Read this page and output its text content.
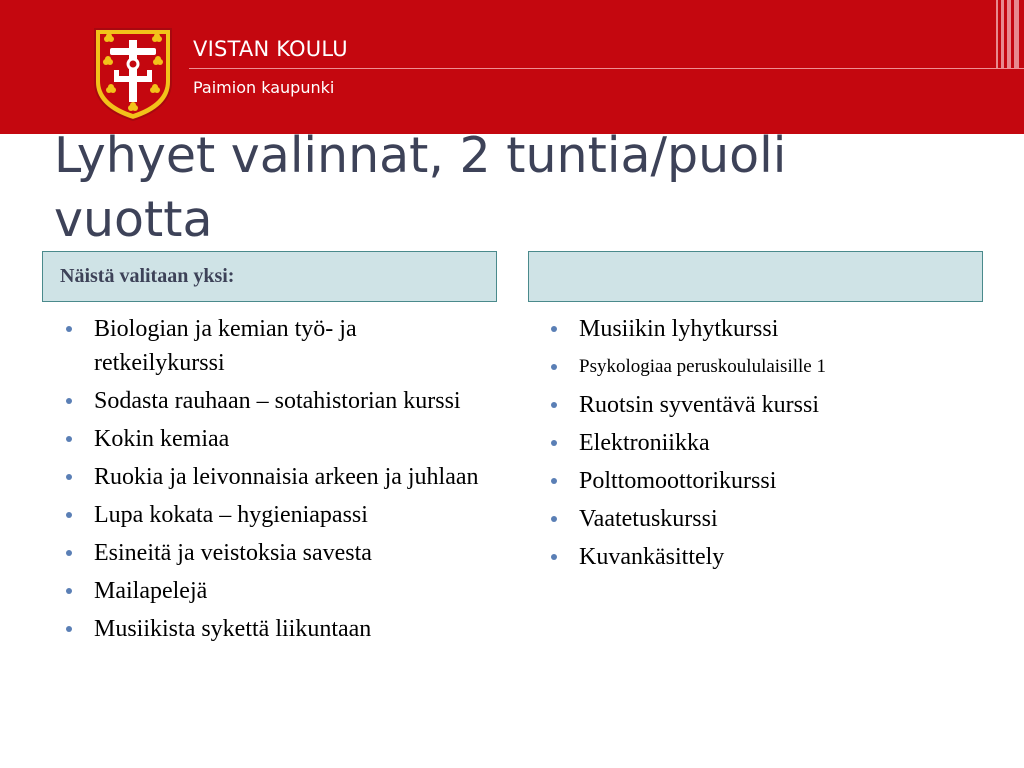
VISTAN KOULU
Paimion kaupunki
Lyhyet valinnat, 2 tuntia/puoli vuotta
Näistä valitaan yksi:
Biologian ja kemian työ- ja retkeilykurssi
Sodasta rauhaan – sotahistorian kurssi
Kokin kemiaa
Ruokia ja leivonnaisia arkeen ja juhlaan
Lupa kokata – hygieniapassi
Esineitä ja veistoksia savesta
Mailapelejä
Musiikista sykettä liikuntaan
Musiikin lyhytkurssi
Psykologiaa peruskoululaisille 1
Ruotsin syventävä kurssi
Elektroniikka
Polttomoottorikurssi
Vaatetuskurssi
Kuvankäsittely
